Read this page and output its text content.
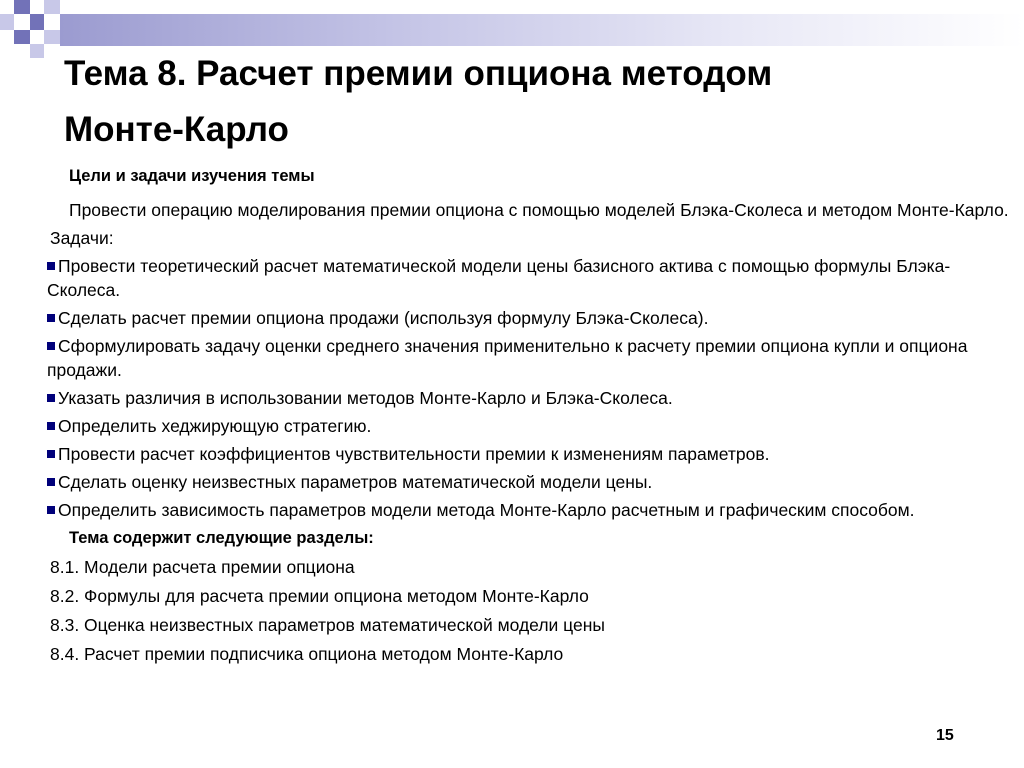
Тема 8. Расчет премии опциона методом
Монте-Карло
Цели и задачи изучения темы
Провести операцию моделирования премии опциона с помощью моделей Блэка-Сколеса и методом Монте-Карло.
Задачи:
Провести теоретический расчет математической модели цены базисного актива с помощью формулы Блэка-Сколеса.
Сделать расчет премии опциона продажи (используя формулу Блэка-Сколеса).
Сформулировать задачу оценки среднего значения применительно к расчету премии опциона купли и опциона продажи.
Указать различия в использовании методов Монте-Карло и Блэка-Сколеса.
Определить хеджирующую стратегию.
Провести расчет коэффициентов чувствительности премии к изменениям параметров.
Сделать оценку неизвестных параметров математической модели цены.
Определить зависимость параметров модели метода Монте-Карло расчетным и графическим способом.
Тема содержит следующие разделы:
8.1. Модели расчета премии опциона
8.2. Формулы для расчета премии опциона методом Монте-Карло
8.3. Оценка неизвестных параметров математической модели цены
8.4. Расчет премии подписчика опциона методом Монте-Карло
15
